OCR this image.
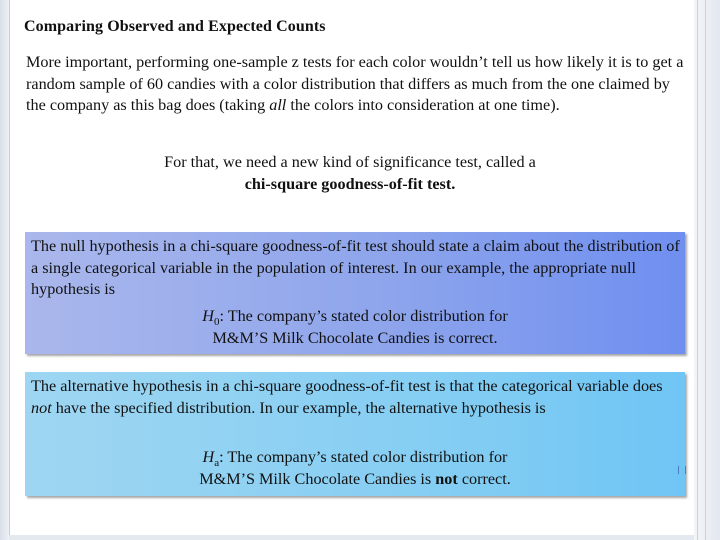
Comparing Observed and Expected Counts
More important, performing one-sample z tests for each color wouldn’t tell us how likely it is to get a random sample of 60 candies with a color distribution that differs as much from the one claimed by the company as this bag does (taking all the colors into consideration at one time).
For that, we need a new kind of significance test, called a
chi-square goodness-of-fit test.
The null hypothesis in a chi-square goodness-of-fit test should state a claim about the distribution of a single categorical variable in the population of interest. In our example, the appropriate null hypothesis is
$H_0$: The company’s stated color distribution for
M&M’S Milk Chocolate Candies is correct.
The alternative hypothesis in a chi-square goodness-of-fit test is that the categorical variable does not have the specified distribution. In our example, the alternative hypothesis is
$H_a$: The company’s stated color distribution for
M&M’S Milk Chocolate Candies is not correct.
